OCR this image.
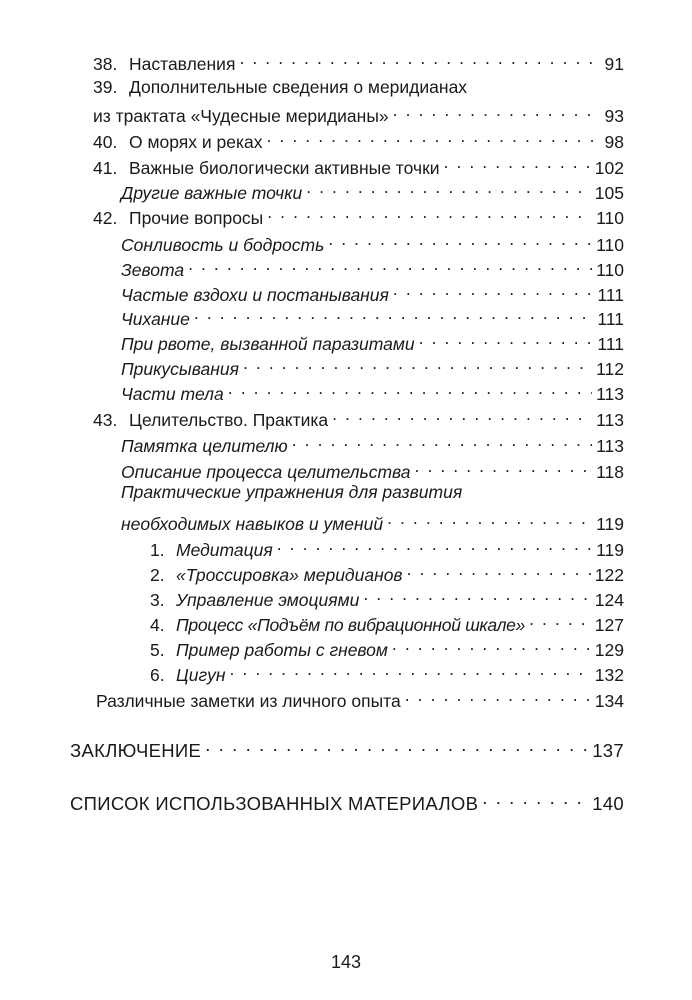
38. Наставления . . .	91
39. Дополнительные сведения о меридианах
из трактата «Чудесные меридианы» . . .	93
40. О морях и реках . . .	98
41. Важные биологически активные точки . . .	102
Другие важные точки . . .	105
42. Прочие вопросы . . .	110
Сонливость и бодрость . . .	110
Зевота . . .	110
Частые вздохи и постанывания . . .	111
Чихание . . .	111
При рвоте, вызванной паразитами . . .	111
Прикусывания . . .	112
Части тела . . .	113
43. Целительство. Практика . . .	113
Памятка целителю . . .	113
Описание процесса целительства . . .	118
Практические упражнения для развития
необходимых навыков и умений . . .	119
1. Медитация . . .	119
2. «Троссировка» меридианов . . .	122
3. Управление эмоциями . . .	124
4. Процесс «Подъём по вибрационной шкале» . . .	127
5. Пример работы с гневом . . .	129
6. Цигун . . .	132
Различные заметки из личного опыта . . .	134
ЗАКЛЮЧЕНИЕ . . .	137
СПИСОК ИСПОЛЬЗОВАННЫХ МАТЕРИАЛОВ . . .	140
143
